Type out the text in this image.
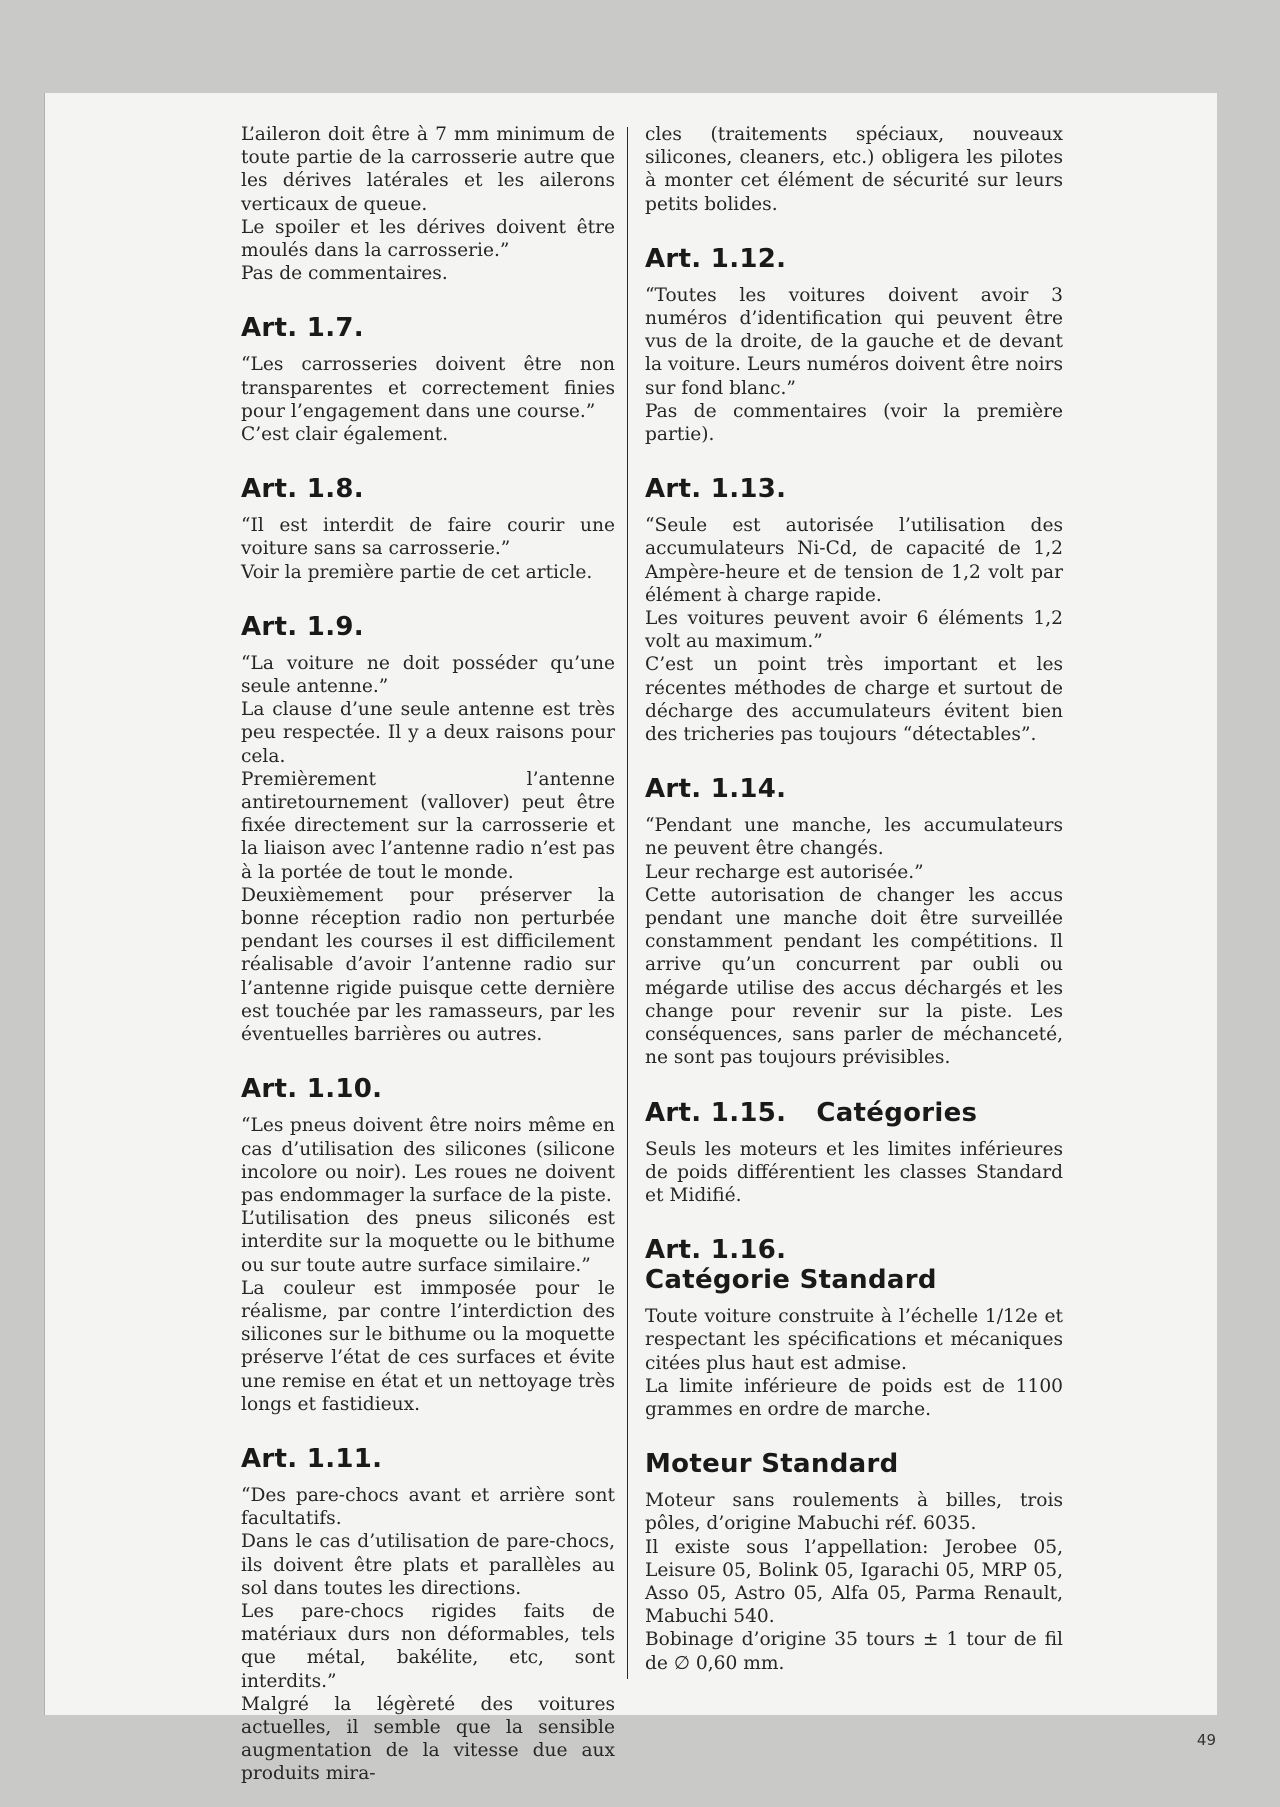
L’aileron doit être à 7 mm minimum de toute partie de la carrosserie autre que les dérives latérales et les ailerons verticaux de queue.

Le spoiler et les dérives doivent être moulés dans la carrosserie.”

Pas de commentaires.

Art. 1.7.

“Les carrosseries doivent être non transparentes et correctement finies pour l’engagement dans une course.”

C’est clair également.

Art. 1.8.

“Il est interdit de faire courir une voiture sans sa carrosserie.”

Voir la première partie de cet article.

Art. 1.9.

“La voiture ne doit posséder qu’une seule antenne.”

La clause d’une seule antenne est très peu respectée. Il y a deux raisons pour cela.

Premièrement l’antenne antiretournement (vallover) peut être fixée directement sur la carrosserie et la liaison avec l’antenne radio n’est pas à la portée de tout le monde.

Deuxièmement pour préserver la bonne réception radio non perturbée pendant les courses il est difficilement réalisable d’avoir l’antenne radio sur l’antenne rigide puisque cette dernière est touchée par les ramasseurs, par les éventuelles barrières ou autres.

Art. 1.10.

“Les pneus doivent être noirs même en cas d’utilisation des silicones (silicone incolore ou noir). Les roues ne doivent pas endommager la surface de la piste.

L’utilisation des pneus siliconés est interdite sur la moquette ou le bithume ou sur toute autre surface similaire.”

La couleur est immposée pour le réalisme, par contre l’interdiction des silicones sur le bithume ou la moquette préserve l’état de ces surfaces et évite une remise en état et un nettoyage très longs et fastidieux.

Art. 1.11.

“Des pare-chocs avant et arrière sont facultatifs.

Dans le cas d’utilisation de pare-chocs, ils doivent être plats et parallèles au sol dans toutes les directions.

Les pare-chocs rigides faits de matériaux durs non déformables, tels que métal, bakélite, etc, sont interdits.”

Malgré la légèreté des voitures actuelles, il semble que la sensible augmentation de la vitesse due aux produits mira-

cles (traitements spéciaux, nouveaux silicones, cleaners, etc.) obligera les pilotes à monter cet élément de sécurité sur leurs petits bolides.

Art. 1.12.

“Toutes les voitures doivent avoir 3 numéros d’identification qui peuvent être vus de la droite, de la gauche et de devant la voiture. Leurs numéros doivent être noirs sur fond blanc.”

Pas de commentaires (voir la première partie).

Art. 1.13.

“Seule est autorisée l’utilisation des accumulateurs Ni-Cd, de capacité de 1,2 Ampère-heure et de tension de 1,2 volt par élément à charge rapide.

Les voitures peuvent avoir 6 éléments 1,2 volt au maximum.”

C’est un point très important et les récentes méthodes de charge et surtout de décharge des accumulateurs évitent bien des tricheries pas toujours “détectables”.

Art. 1.14.

“Pendant une manche, les accumulateurs ne peuvent être changés.

Leur recharge est autorisée.”

Cette autorisation de changer les accus pendant une manche doit être surveillée constamment pendant les compétitions. Il arrive qu’un concurrent par oubli ou mégarde utilise des accus déchargés et les change pour revenir sur la piste. Les conséquences, sans parler de méchanceté, ne sont pas toujours prévisibles.

Art. 1.15. Catégories

Seuls les moteurs et les limites inférieures de poids différentient les classes Standard et Midifié.

Art. 1.16.
Catégorie Standard

Toute voiture construite à l’échelle 1/12e et respectant les spécifications et mécaniques citées plus haut est admise.

La limite inférieure de poids est de 1100 grammes en ordre de marche.

Moteur Standard

Moteur sans roulements à billes, trois pôles, d’origine Mabuchi réf. 6035.

Il existe sous l’appellation: Jerobee 05, Leisure 05, Bolink 05, Igarachi 05, MRP 05, Asso 05, Astro 05, Alfa 05, Parma Renault, Mabuchi 540.

Bobinage d’origine 35 tours ± 1 tour de fil de ∅ 0,60 mm.

49
